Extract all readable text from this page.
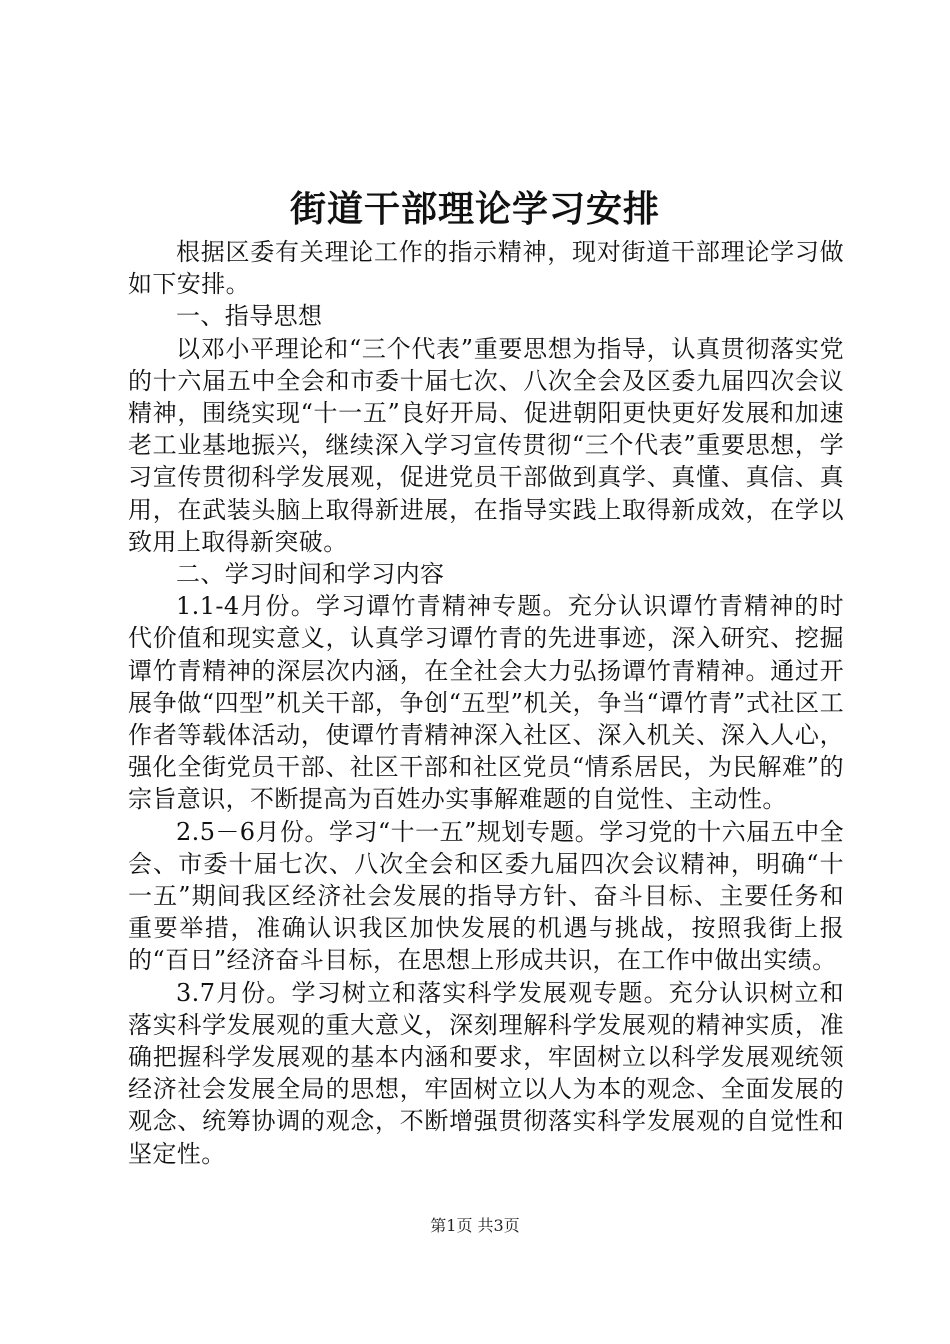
街道干部理论学习安排

根据区委有关理论工作的指示精神，现对街道干部理论学习做如下安排。

一、指导思想

以邓小平理论和“三个代表”重要思想为指导，认真贯彻落实党的十六届五中全会和市委十届七次、八次全会及区委九届四次会议精神，围绕实现“十一五”良好开局、促进朝阳更快更好发展和加速老工业基地振兴，继续深入学习宣传贯彻“三个代表”重要思想，学习宣传贯彻科学发展观，促进党员干部做到真学、真懂、真信、真用，在武装头脑上取得新进展，在指导实践上取得新成效，在学以致用上取得新突破。

二、学习时间和学习内容

1.1-4月份。学习谭竹青精神专题。充分认识谭竹青精神的时代价值和现实意义，认真学习谭竹青的先进事迹，深入研究、挖掘谭竹青精神的深层次内涵，在全社会大力弘扬谭竹青精神。通过开展争做“四型”机关干部，争创“五型”机关，争当“谭竹青”式社区工作者等载体活动，使谭竹青精神深入社区、深入机关、深入人心，强化全街党员干部、社区干部和社区党员“情系居民，为民解难”的宗旨意识，不断提高为百姓办实事解难题的自觉性、主动性。

2.5－6月份。学习“十一五”规划专题。学习党的十六届五中全会、市委十届七次、八次全会和区委九届四次会议精神，明确“十一五”期间我区经济社会发展的指导方针、奋斗目标、主要任务和重要举措，准确认识我区加快发展的机遇与挑战，按照我街上报的“百日”经济奋斗目标，在思想上形成共识，在工作中做出实绩。

3.7月份。学习树立和落实科学发展观专题。充分认识树立和落实科学发展观的重大意义，深刻理解科学发展观的精神实质，准确把握科学发展观的基本内涵和要求，牢固树立以科学发展观统领经济社会发展全局的思想，牢固树立以人为本的观念、全面发展的观念、统筹协调的观念，不断增强贯彻落实科学发展观的自觉性和坚定性。

第1页 共3页
